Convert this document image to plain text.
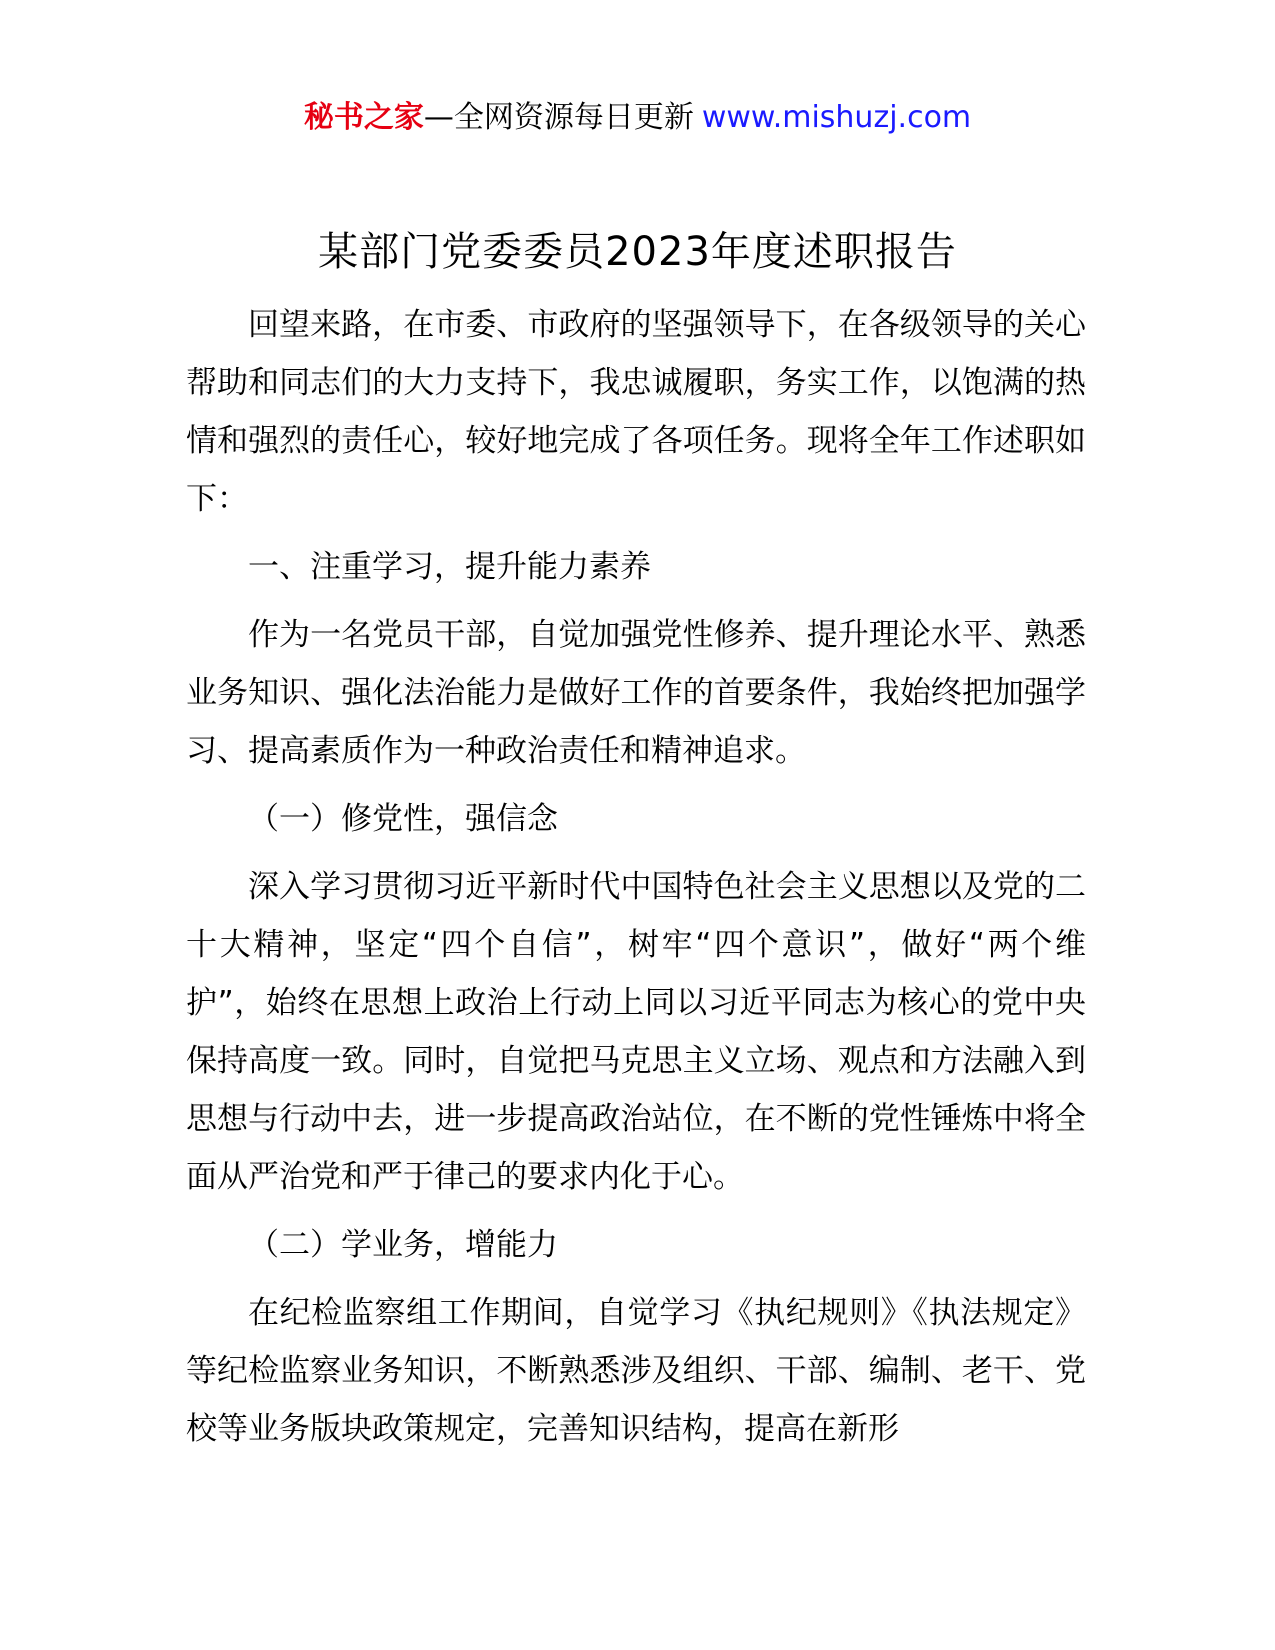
秘书之家—全网资源每日更新 www.mishuzj.com
某部门党委委员2023年度述职报告

回望来路，在市委、市政府的坚强领导下，在各级领导的关心帮助和同志们的大力支持下，我忠诚履职，务实工作，以饱满的热情和强烈的责任心，较好地完成了各项任务。现将全年工作述职如下：

一、注重学习，提升能力素养

作为一名党员干部，自觉加强党性修养、提升理论水平、熟悉业务知识、强化法治能力是做好工作的首要条件，我始终把加强学习、提高素质作为一种政治责任和精神追求。

（一）修党性，强信念

深入学习贯彻习近平新时代中国特色社会主义思想以及党的二十大精神，坚定“四个自信”，树牢“四个意识”，做好“两个维护”，始终在思想上政治上行动上同以习近平同志为核心的党中央保持高度一致。同时，自觉把马克思主义立场、观点和方法融入到思想与行动中去，进一步提高政治站位，在不断的党性锤炼中将全面从严治党和严于律己的要求内化于心。

（二）学业务，增能力

在纪检监察组工作期间，自觉学习《执纪规则》《执法规定》等纪检监察业务知识，不断熟悉涉及组织、干部、编制、老干、党校等业务版块政策规定，完善知识结构，提高在新形
